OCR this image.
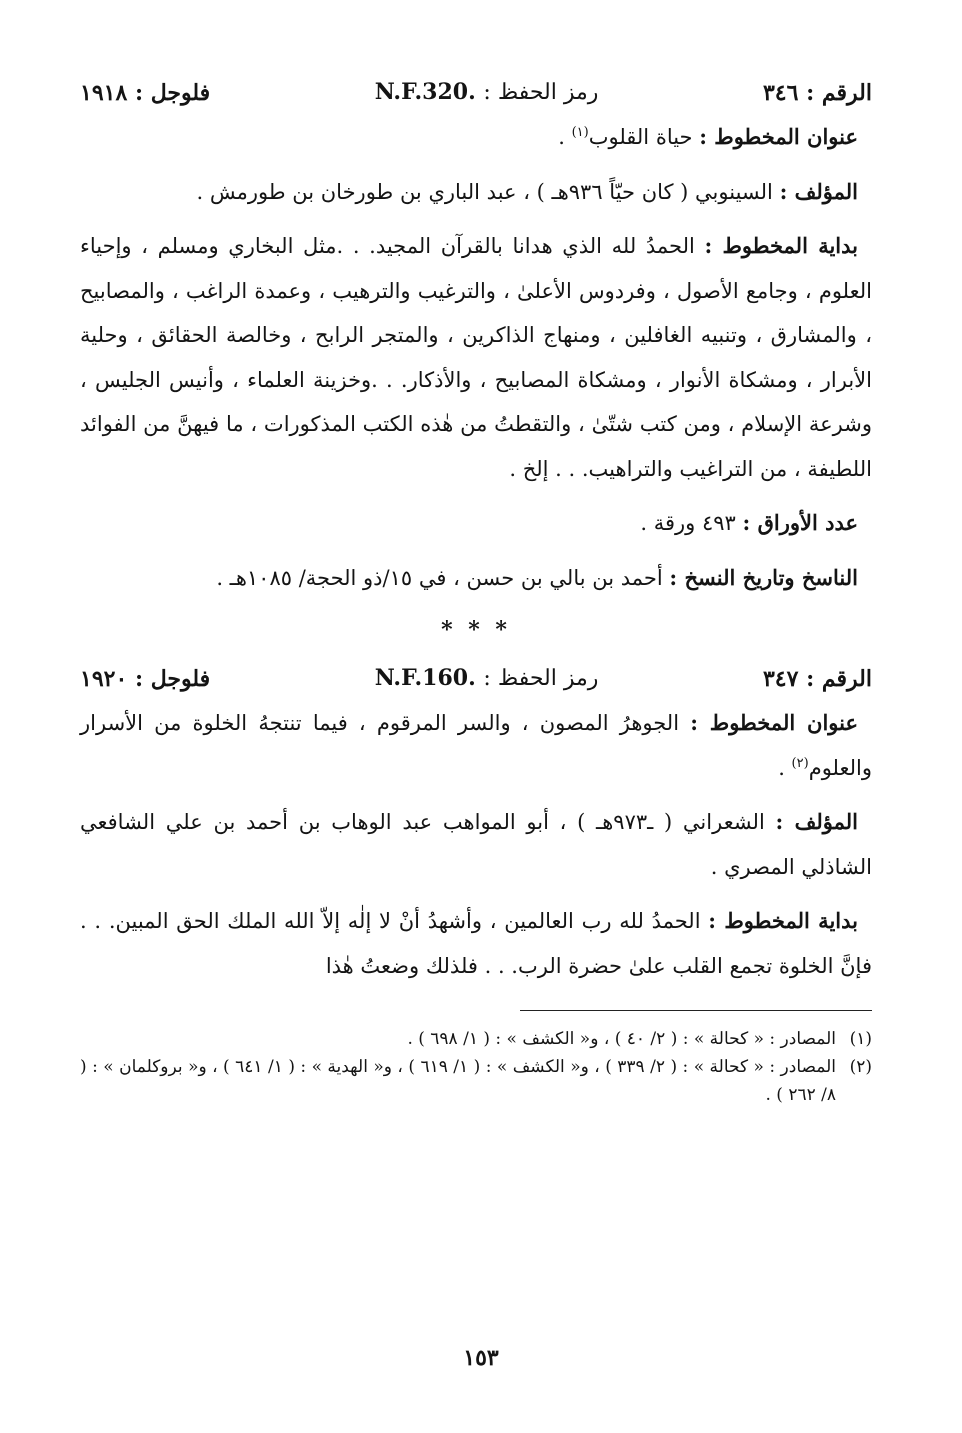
الرقم : ٣٤٦
رمز الحفظ : N.F.320.
فلوجل : ١٩١٨

عنوان المخطوط : حياة القلوب$^{(١)}$ .

المؤلف : السينوبي ( كان حيّاً ٩٣٦هـ ) ، عبد الباري بن طورخان بن طورمش .

بداية المخطوط : الحمدُ لله الذي هدانا بالقرآن المجيد. . .مثل البخاري ومسلم ، وإحياء العلوم ، وجامع الأصول ، وفردوس الأعلىٰ ، والترغيب والترهيب ، وعمدة الراغب ، والمصابيح ، والمشارق ، وتنبيه الغافلين ، ومنهاج الذاكرين ، والمتجر الرابح ، وخالصة الحقائق ، وحلية الأبرار ، ومشكاة الأنوار ، ومشكاة المصابيح ، والأذكار. . .وخزينة العلماء ، وأنيس الجليس ، وشرعة الإسلام ، ومن كتب شتّىٰ ، والتقطتُ من هٰذه الكتب المذكورات ، ما فيهنَّ من الفوائد اللطيفة ، من التراغيب والتراهيب. . . إلخ .

عدد الأوراق : ٤٩٣ ورقة .

الناسخ وتاريخ النسخ : أحمد بن بالي بن حسن ، في ١٥/ذو الحجة/ ١٠٨٥هـ .

* * *
الرقم : ٣٤٧
رمز الحفظ : N.F.160.
فلوجل : ١٩٢٠

عنوان المخطوط : الجوهرُ المصون ، والسر المرقوم ، فيما تنتجهُ الخلوة من الأسرار والعلوم$^{(٢)}$ .

المؤلف : الشعراني ( ـ٩٧٣هـ ) ، أبو المواهب عبد الوهاب بن أحمد بن علي الشافعي الشاذلي المصري .

بداية المخطوط : الحمدُ لله رب العالمين ، وأشهدُ أنْ لا إلٰه إلاّ الله الملك الحق المبين. . . فإنَّ الخلوة تجمع القلب علىٰ حضرة الرب. . . فلذلك وضعتُ هٰذا

(١)
المصادر : « كحالة » : ( ٢/ ٤٠ ) ، و« الكشف » : ( ١/ ٦٩٨ ) .
(٢)
المصادر : « كحالة » : ( ٢/ ٣٣٩ ) ، و« الكشف » : ( ١/ ٦١٩ ) ، و« الهدية » : ( ١/ ٦٤١ ) ، و« بروكلمان » : ( ٨/ ٢٦٢ ) .
١٥٣
